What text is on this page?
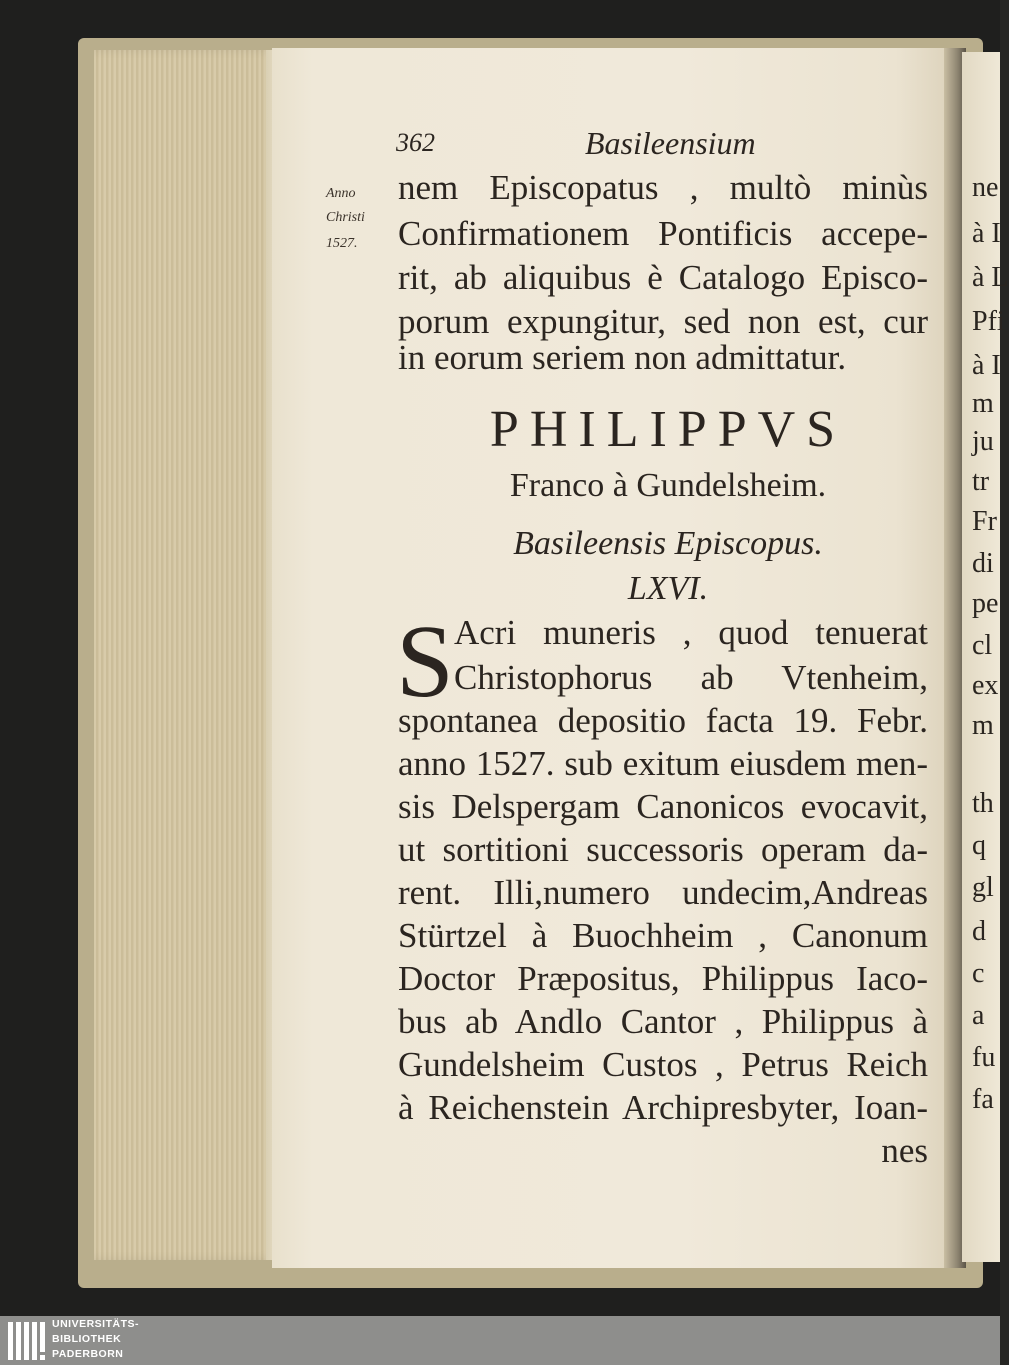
ne
à I
à L
Pfi
à I
m
ju
tr
Fr
di
pe
cl
ex
m
th
q
gl
d
c
a
fu
fa
362	Basileensium
Anno
Christi
1527.
nem Episcopatus , multò minùs
Confirmationem Pontificis accepe-
rit, ab aliquibus è Catalogo Episco-
porum expungitur, sed non est, cur
in eorum seriem non admittatur.
PHILIPPVS
Franco à Gundelsheim.
Basileensis Episcopus.
LXVI.
S Acri muneris , quod tenuerat
Christophorus ab Vtenheim,
spontanea depositio facta 19. Febr.
anno 1527. sub exitum eiusdem men-
sis Delspergam Canonicos evocavit,
ut sortitioni successoris operam da-
rent. Illi,numero undecim,Andreas
Stürtzel à Buochheim , Canonum
Doctor Præpositus, Philippus Iaco-
bus ab Andlo Cantor , Philippus à
Gundelsheim Custos , Petrus Reich
à Reichenstein Archipresbyter, Ioan-
nes
UNIVERSITÄTS-
BIBLIOTHEK
PADERBORN
